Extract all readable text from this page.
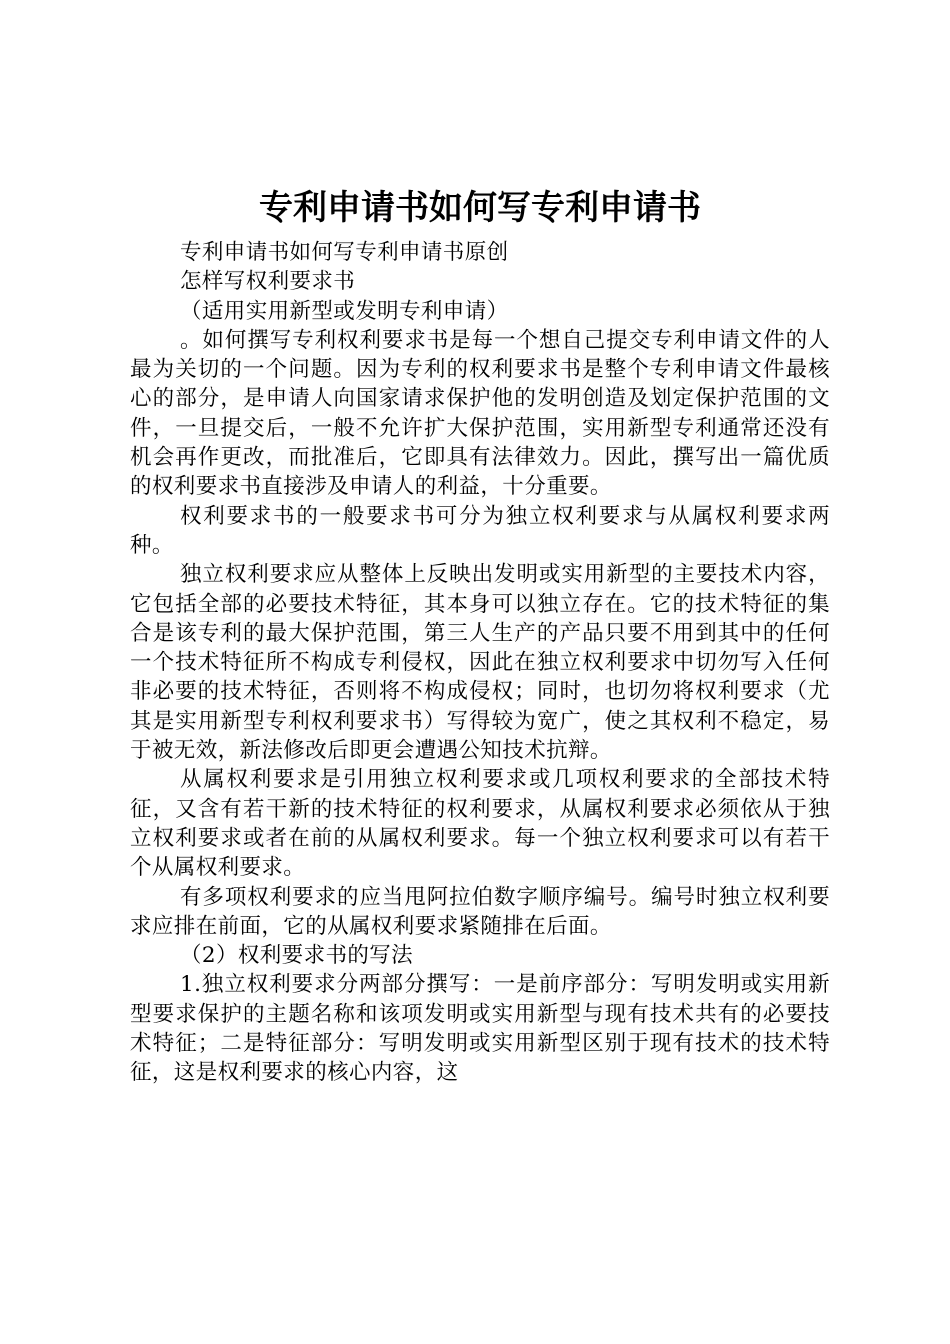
专利申请书如何写专利申请书

专利申请书如何写专利申请书原创

怎样写权利要求书

（适用实用新型或发明专利申请）

。如何撰写专利权利要求书是每一个想自己提交专利申请文件的人最为关切的一个问题。因为专利的权利要求书是整个专利申请文件最核心的部分，是申请人向国家请求保护他的发明创造及划定保护范围的文件，一旦提交后，一般不允许扩大保护范围，实用新型专利通常还没有机会再作更改，而批准后，它即具有法律效力。因此，撰写出一篇优质的权利要求书直接涉及申请人的利益，十分重要。

权利要求书的一般要求书可分为独立权利要求与从属权利要求两种。

独立权利要求应从整体上反映出发明或实用新型的主要技术内容，它包括全部的必要技术特征，其本身可以独立存在。它的技术特征的集合是该专利的最大保护范围，第三人生产的产品只要不用到其中的任何一个技术特征所不构成专利侵权，因此在独立权利要求中切勿写入任何非必要的技术特征，否则将不构成侵权；同时，也切勿将权利要求（尤其是实用新型专利权利要求书）写得较为宽广，使之其权利不稳定，易于被无效，新法修改后即更会遭遇公知技术抗辩。

从属权利要求是引用独立权利要求或几项权利要求的全部技术特征，又含有若干新的技术特征的权利要求，从属权利要求必须依从于独立权利要求或者在前的从属权利要求。每一个独立权利要求可以有若干个从属权利要求。

有多项权利要求的应当甩阿拉伯数字顺序编号。编号时独立权利要求应排在前面，它的从属权利要求紧随排在后面。

（2）权利要求书的写法

1.独立权利要求分两部分撰写：一是前序部分：写明发明或实用新型要求保护的主题名称和该项发明或实用新型与现有技术共有的必要技术特征；二是特征部分：写明发明或实用新型区别于现有技术的技术特征，这是权利要求的核心内容，这
